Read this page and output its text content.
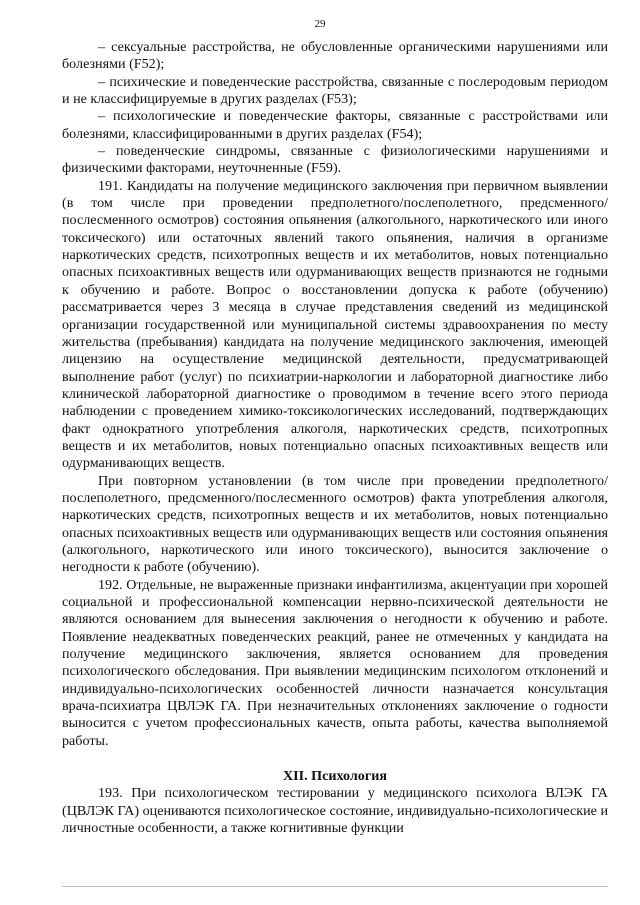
29

– сексуальные расстройства, не обусловленные органическими нарушениями или болезнями (F52);

– психические и поведенческие расстройства, связанные с послеродовым периодом и не классифицируемые в других разделах (F53);

– психологические и поведенческие факторы, связанные с расстройствами или болезнями, классифицированными в других разделах (F54);

– поведенческие синдромы, связанные с физиологическими нарушениями и физическими факторами, неуточненные (F59).

191. Кандидаты на получение медицинского заключения при первичном выявлении (в том числе при проведении предполетного/послеполетного, предсменного/послесменного осмотров) состояния опьянения (алкогольного, наркотического или иного токсического) или остаточных явлений такого опьянения, наличия в организме наркотических средств, психотропных веществ и их метаболитов, новых потенциально опасных психоактивных веществ или одурманивающих веществ признаются не годными к обучению и работе. Вопрос о восстановлении допуска к работе (обучению) рассматривается через 3 месяца в случае представления сведений из медицинской организации государственной или муниципальной системы здравоохранения по месту жительства (пребывания) кандидата на получение медицинского заключения, имеющей лицензию на осуществление медицинской деятельности, предусматривающей выполнение работ (услуг) по психиатрии-наркологии и лабораторной диагностике либо клинической лабораторной диагностике о проводимом в течение всего этого периода наблюдении с проведением химико-токсикологических исследований, подтверждающих факт однократного употребления алкоголя, наркотических средств, психотропных веществ и их метаболитов, новых потенциально опасных психоактивных веществ или одурманивающих веществ.

При повторном установлении (в том числе при проведении предполетного/послеполетного, предсменного/послесменного осмотров) факта употребления алкоголя, наркотических средств, психотропных веществ и их метаболитов, новых потенциально опасных психоактивных веществ или одурманивающих веществ или состояния опьянения (алкогольного, наркотического или иного токсического), выносится заключение о негодности к работе (обучению).

192. Отдельные, не выраженные признаки инфантилизма, акцентуации при хорошей социальной и профессиональной компенсации нервно-психической деятельности не являются основанием для вынесения заключения о негодности к обучению и работе. Появление неадекватных поведенческих реакций, ранее не отмеченных у кандидата на получение медицинского заключения, является основанием для проведения психологического обследования. При выявлении медицинским психологом отклонений и индивидуально-психологических особенностей личности назначается консультация врача-психиатра ЦВЛЭК ГА. При незначительных отклонениях заключение о годности выносится с учетом профессиональных качеств, опыта работы, качества выполняемой работы.

XII. Психология

193. При психологическом тестировании у медицинского психолога ВЛЭК ГА (ЦВЛЭК ГА) оцениваются психологическое состояние, индивидуально-психологические и личностные особенности, а также когнитивные функции
